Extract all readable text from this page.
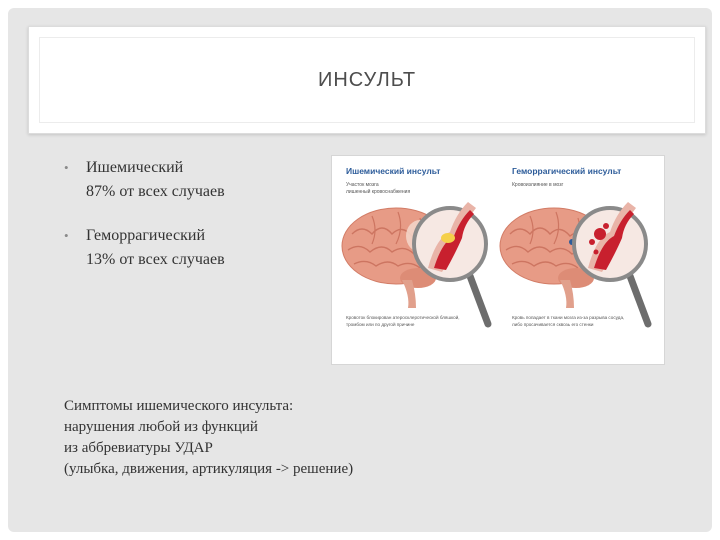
ИНСУЛЬТ
• Ишемический
87% от всех случаев
• Геморрагический
13% от всех случаев
Ишемический инсульт
Участок мозга
лишенный кровоснабжения
Кровоток блокирован атеросклеротической бляшкой,
тромбом или по другой причине
Геморрагический инсульт
Кровоизлияние в мозг
Кровь попадает в ткани мозга из-за разрыва сосуда,
либо просачивается сквозь его стенки
Симптомы ишемического инсульта:
нарушения любой из функций
из аббревиатуры УДАР
(улыбка, движения, артикуляция -> решение)
